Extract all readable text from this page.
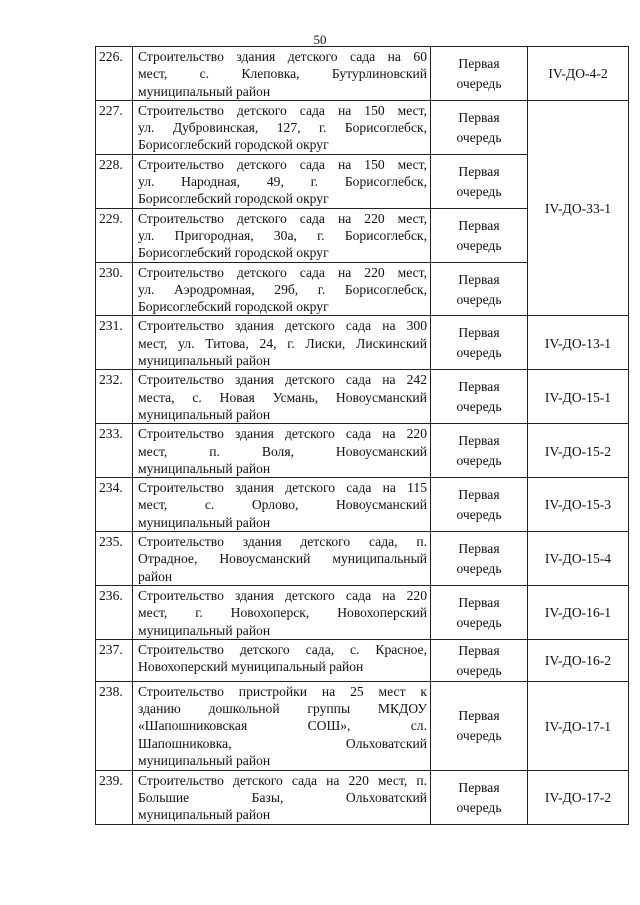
50
226.	Строительство здания детского сада на 60
мест, с. Клеповка, Бутурлиновский
муниципальный район	Первая
очередь	IV-ДО-4-2
227.	Строительство детского сада на 150 мест,
ул. Дубровинская, 127, г. Борисоглебск,
Борисоглебский городской округ	Первая
очередь	IV-ДО-33-1
228.	Строительство детского сада на 150 мест,
ул. Народная, 49, г. Борисоглебск,
Борисоглебский городской округ	Первая
очередь	

229.	Строительство детского сада на 220 мест,
ул. Пригородная, 30а, г. Борисоглебск,
Борисоглебский городской округ	Первая
очередь	

230.	Строительство детского сада на 220 мест,
ул. Аэродромная, 29б, г. Борисоглебск,
Борисоглебский городской округ	Первая
очередь	

231.	Строительство здания детского сада на 300
мест, ул. Титова, 24, г. Лиски, Лискинский
муниципальный район	Первая
очередь	IV-ДО-13-1
232.	Строительство здания детского сада на 242
места, с. Новая Усмань, Новоусманский
муниципальный район	Первая
очередь	IV-ДО-15-1
233.	Строительство здания детского сада на 220
мест, п. Воля, Новоусманский
муниципальный район	Первая
очередь	IV-ДО-15-2
234.	Строительство здания детского сада на 115
мест, с. Орлово, Новоусманский
муниципальный район	Первая
очередь	IV-ДО-15-3
235.	Строительство здания детского сада, п.
Отрадное, Новоусманский муниципальный
район	Первая
очередь	IV-ДО-15-4
236.	Строительство здания детского сада на 220
мест, г. Новохоперск, Новохоперский
муниципальный район	Первая
очередь	IV-ДО-16-1
237.	Строительство детского сада, с. Красное,
Новохоперский муниципальный район	Первая
очередь	IV-ДО-16-2
238.	Строительство пристройки на 25 мест к
зданию дошкольной группы МКДОУ
«Шапошниковская СОШ», сл.
Шапошниковка, Ольховатский
муниципальный район	Первая
очередь	IV-ДО-17-1
239.	Строительство детского сада на 220 мест, п.
Большие Базы, Ольховатский
муниципальный район	Первая
очередь	IV-ДО-17-2
